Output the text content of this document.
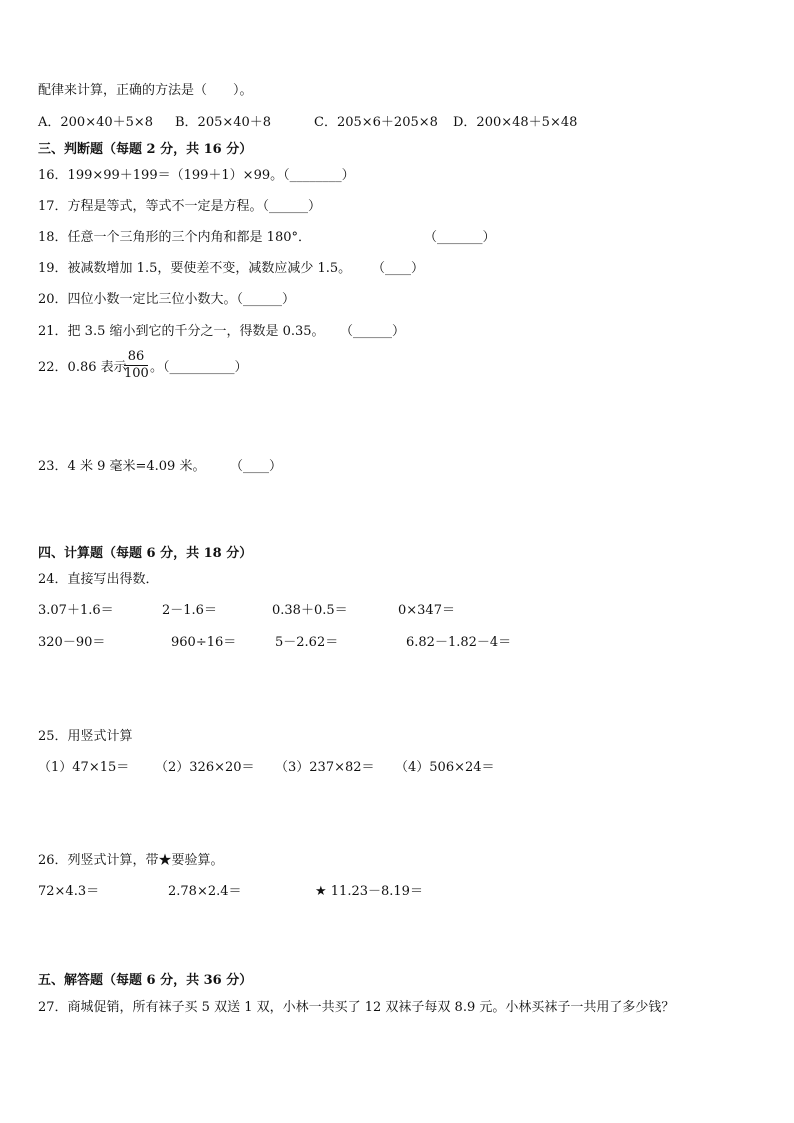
配律来计算，正确的方法是（　　）。
A．200×40＋5×8 B．205×40＋8	C．205×6＋205×8 D．200×48＋5×48
三、判断题（每题 2 分，共 16 分）
16．199×99＋199＝（199＋1）×99。（________）
17．方程是等式，等式不一定是方程。（______）
18．任意一个三角形的三个内角和都是 180°．	（_______）
19．被减数增加 1.5，要使差不变，减数应减少 1.5。 （____）
20．四位小数一定比三位小数大。（______）
21．把 3.5 缩小到它的千分之一，得数是 0.35。 （______）
22．0.86 表示
$\frac{86}{100}$ 。（__________）
23．4 米 9 毫米=4.09 米。 （____）
四、计算题（每题 6 分，共 18 分）
24．直接写出得数．
3.07＋1.6＝	2－1.6＝	0.38＋0.5＝	0×347＝
320－90＝	960÷16＝	5－2.62＝	6.82－1.82－4＝
25．用竖式计算
（1）47×15＝ （2）326×20＝ （3）237×82＝ （4）506×24＝
26．列竖式计算，带★要验算。
72×4.3＝	2.78×2.4＝	★ 11.23－8.19＝
五、解答题（每题 6 分，共 36 分）
27．商城促销，所有袜子买 5 双送 1 双，小林一共买了 12 双袜子每双 8.9 元。小林买袜子一共用了多少钱？
